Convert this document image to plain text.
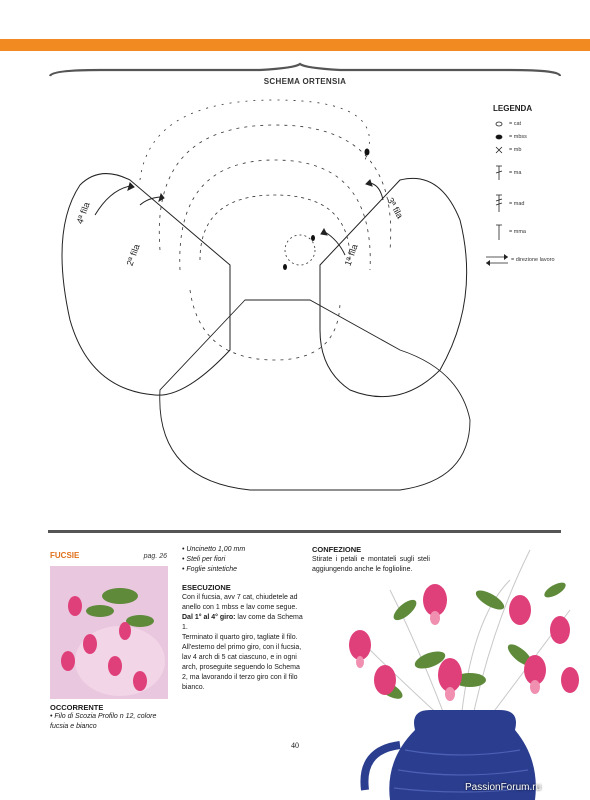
SCHEMA ORTENSIA
1ª fila
2ª fila
3ª fila
4ª fila
LEGENDA
= cat
= mbss
= mb
= ma
= mad
= mma
= direzione lavoro
FUCSIE	pag. 26
OCCORRENTE
• Filo di Scozia Profilo n 12, colore fucsia e bianco
• Uncinetto 1,00 mm
• Steli per fiori
• Foglie sintetiche
ESECUZIONE

Con il fucsia, avv 7 cat, chiudetele ad anello con 1 mbss e lav come segue.

Dal 1° al 4° giro: lav come da Schema 1.

Terminato il quarto giro, tagliate il filo.

All'esterno del primo giro, con il fucsia, lav 4 arch di 5 cat ciascuno, e in ogni arch, proseguite seguendo lo Schema 2, ma lavorando il terzo giro con il filo bianco.

CONFEZIONE

Stirate i petali e montateli sugli steli aggiungendo anche le foglioline.

40
PassionForum.ru
